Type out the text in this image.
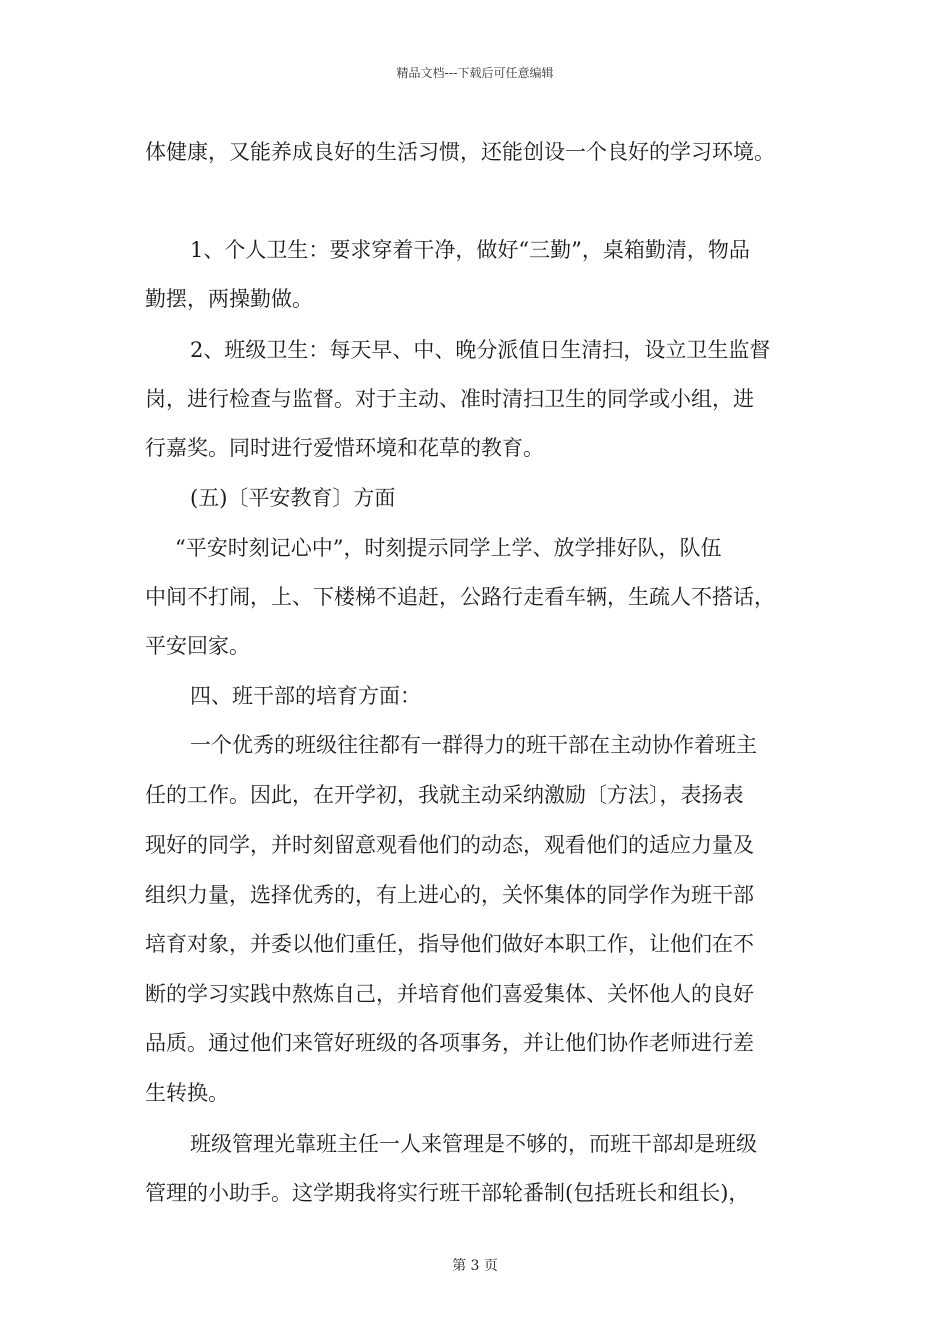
精品文档---下载后可任意编辑
体健康，又能养成良好的生活习惯，还能创设一个良好的学习环境。
1、个人卫生：要求穿着干净，做好“三勤”，桌箱勤清，物品
勤摆，两操勤做。
2、班级卫生：每天早、中、晚分派值日生清扫，设立卫生监督
岗，进行检查与监督。对于主动、准时清扫卫生的同学或小组，进
行嘉奖。同时进行爱惜环境和花草的教育。
(五)〔平安教育〕方面
“平安时刻记心中”，时刻提示同学上学、放学排好队，队伍
中间不打闹，上、下楼梯不追赶，公路行走看车辆，生疏人不搭话，
平安回家。
四、班干部的培育方面：
一个优秀的班级往往都有一群得力的班干部在主动协作着班主
任的工作。因此，在开学初，我就主动采纳激励〔方法〕，表扬表
现好的同学，并时刻留意观看他们的动态，观看他们的适应力量及
组织力量，选择优秀的，有上进心的，关怀集体的同学作为班干部
培育对象，并委以他们重任，指导他们做好本职工作，让他们在不
断的学习实践中熬炼自己，并培育他们喜爱集体、关怀他人的良好
品质。通过他们来管好班级的各项事务，并让他们协作老师进行差
生转换。
班级管理光靠班主任一人来管理是不够的，而班干部却是班级
管理的小助手。这学期我将实行班干部轮番制(包括班长和组长)，
第 3 页
